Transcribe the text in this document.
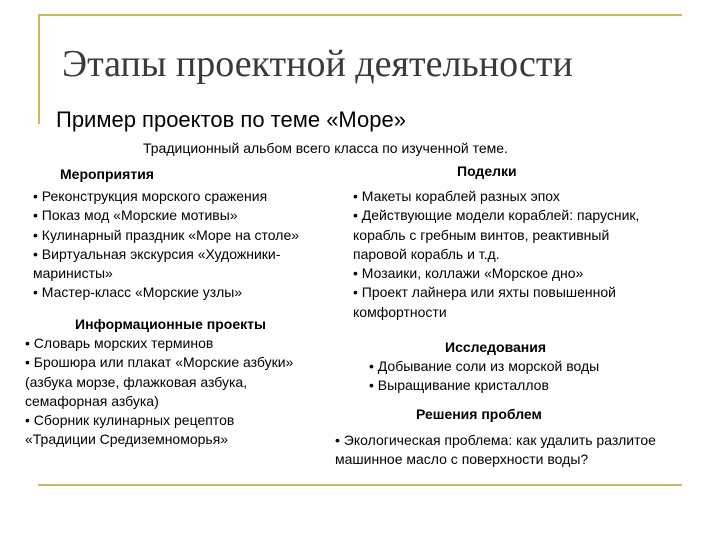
Этапы проектной деятельности
Пример проектов по теме «Море»
Традиционный альбом всего класса по изученной теме.
Мероприятия
• Реконструкция морского сражения
• Показ мод «Морские мотивы»
• Кулинарный праздник «Море на столе»
• Виртуальная экскурсия «Художники-
маринисты»
• Мастер-класс «Морские узлы»
Поделки
• Макеты кораблей разных эпох
• Действующие модели кораблей: парусник,
корабль с гребным винтов, реактивный
паровой корабль и т.д.
• Мозаики, коллажи «Морское дно»
• Проект лайнера или яхты повышенной
комфортности
Информационные проекты
• Словарь морских терминов
• Брошюра или плакат «Морские азбуки»
(азбука морзе, флажковая азбука,
семафорная азбука)
• Сборник кулинарных рецептов
«Традиции Средиземноморья»
Исследования
• Добывание соли из морской воды
• Выращивание кристаллов
Решения проблем
• Экологическая проблема: как удалить разлитое
машинное масло с поверхности воды?
